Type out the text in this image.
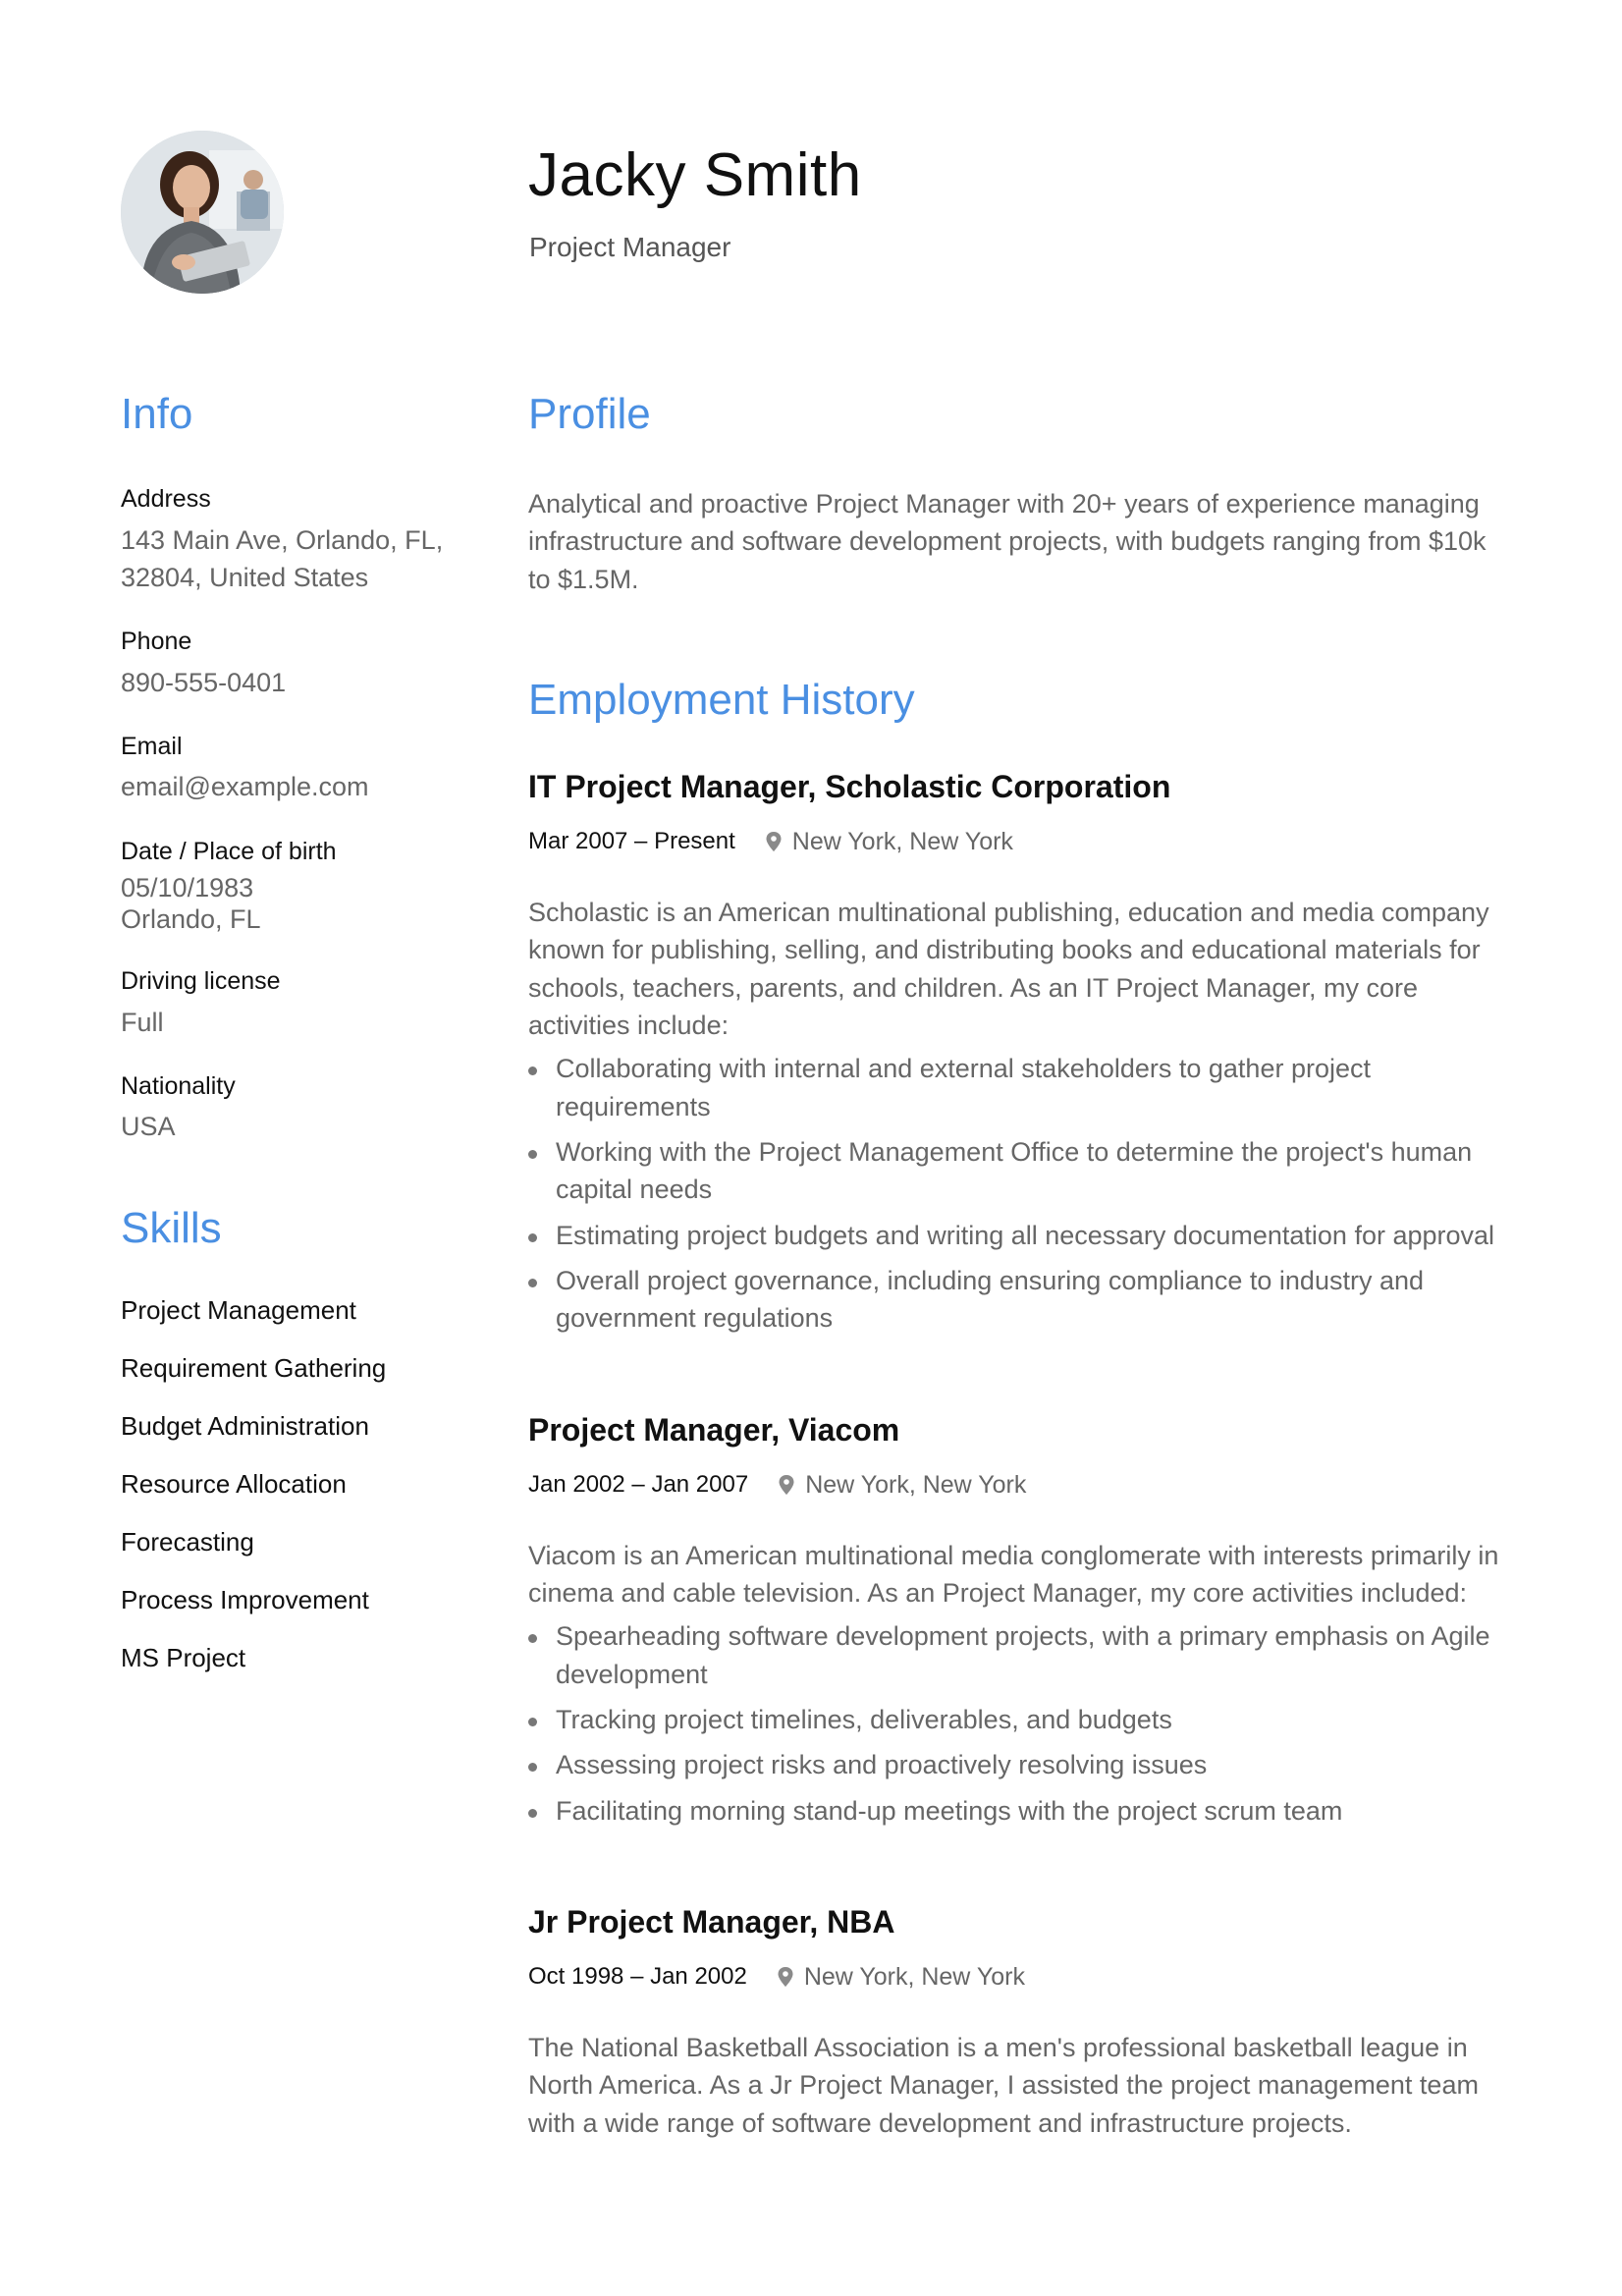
Jacky Smith
Project Manager
Info
Address
143 Main Ave, Orlando, FL, 32804, United States
Phone
890-555-0401
Email
email@example.com
Date / Place of birth
05/10/1983
Orlando, FL
Driving license
Full
Nationality
USA
Skills
Project Management
Requirement Gathering
Budget Administration
Resource Allocation
Forecasting
Process Improvement
MS Project
Profile
Analytical and proactive Project Manager with 20+ years of experience managing infrastructure and software development projects, with budgets ranging from $10k to $1.5M.
Employment History
IT Project Manager, Scholastic Corporation
Mar 2007 – Present New York, New York
Scholastic is an American multinational publishing, education and media company known for publishing, selling, and distributing books and educational materials for schools, teachers, parents, and children. As an IT Project Manager, my core activities include:
Collaborating with internal and external stakeholders to gather project requirements
Working with the Project Management Office to determine the project's human capital needs
Estimating project budgets and writing all necessary documentation for approval
Overall project governance, including ensuring compliance to industry and government regulations
Project Manager, Viacom
Jan 2002 – Jan 2007 New York, New York
Viacom is an American multinational media conglomerate with interests primarily in cinema and cable television. As an Project Manager, my core activities included:
Spearheading software development projects, with a primary emphasis on Agile development
Tracking project timelines, deliverables, and budgets
Assessing project risks and proactively resolving issues
Facilitating morning stand-up meetings with the project scrum team
Jr Project Manager, NBA
Oct 1998 – Jan 2002 New York, New York
The National Basketball Association is a men's professional basketball league in North America. As a Jr Project Manager, I assisted the project management team with a wide range of software development and infrastructure projects.
